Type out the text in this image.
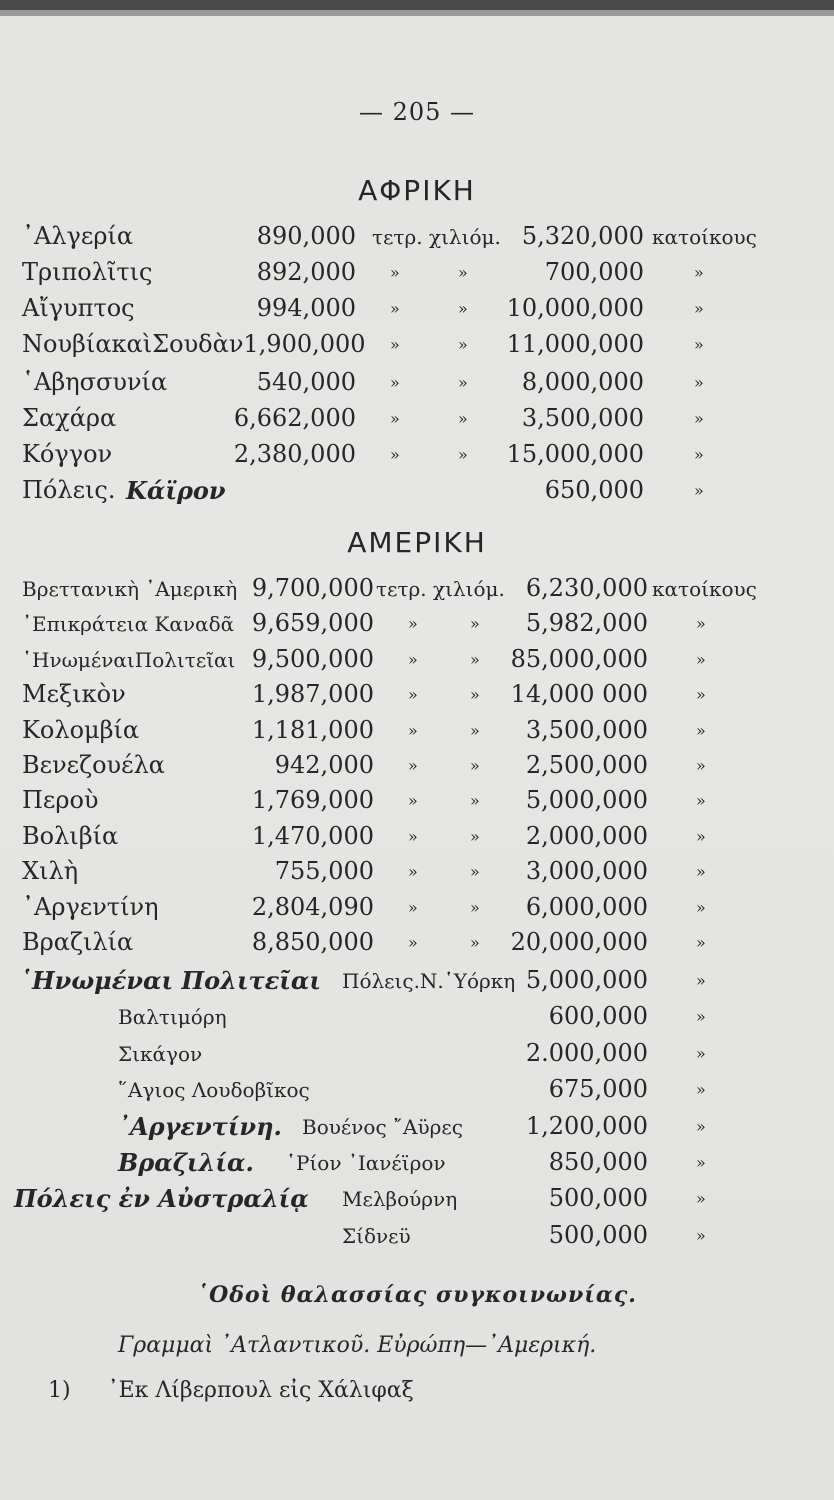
— 205 —
ΑΦΡΙΚΗ
᾿Αλγερία	890,000 τετρ. χιλιόμ. 5,320,000 κατοίκους
Τριπολῖτις	892,000 »	»	700,000	»
Αἴγυπτος	994,000 »	» 10,000,000	»
ΝουβίακαὶΣουδὰν1,900,000 »	» 11,000,000	»
῾Αβησσυνία	540,000 »	» 8,000,000	»
Σαχάρα	6,662,000 »	» 3,500,000	»
Κόγγον	2,380,000 »	» 15,000,000	»
Πόλεις. Κάϊρον	650,000	»
ΑΜΕΡΙΚΗ
Βρεττανικὴ ᾿Αμερικὴ 9,700,000 τετρ. χιλιόμ. 6,230,000 κατοίκους
᾿Επικράτεια Καναδᾶ 9,659,000 »	» 5,982,000	»
῾ΗνωμέναιΠολιτεῖαι 9,500,000 »	» 85,000,000	»
Μεξικὸν	1,987,000 »	» 14,000 000	»
Κολομβία	1,181,000 »	» 3,500,000	»
Βενεζουέλα	942,000 »	» 2,500,000	»
Περοὺ	1,769,000 »	» 5,000,000	»
Βολιβία	1,470,000 »	» 2,000,000	»
Χιλὴ	755,000 »	» 3,000,000	»
᾿Αργεντίνη	2,804,090 »	» 6,000,000	»
Βραζιλία	8,850,000 »	» 20,000,000	»
῾Ηνωμέναι Πολιτεῖαι Πόλεις.Ν.῾Υόρκη 5,000,000	»
Βαλτιμόρη	600,000	»
Σικάγον	2.000,000	»
῞Αγιος Λουδοβῖκος	675,000	»
᾿Αργεντίνη. Βουένος ῎Αϋρες	1,200,000	»
Βραζιλία. ῾Ρίον ᾿Ιανέϊρον	850,000	»
Πόλεις ἐν Αὐστραλίᾳ Μελβούρνη	500,000	»
Σίδνεϋ	500,000	»
῾Οδοὶ θαλασσίας συγκοινωνίας.
Γραμμαὶ ᾿Ατλαντικοῦ. Εὐρώπη—᾿Αμερική.
1) ᾿Εκ Λίβερπουλ εἰς Χάλιφαξ
